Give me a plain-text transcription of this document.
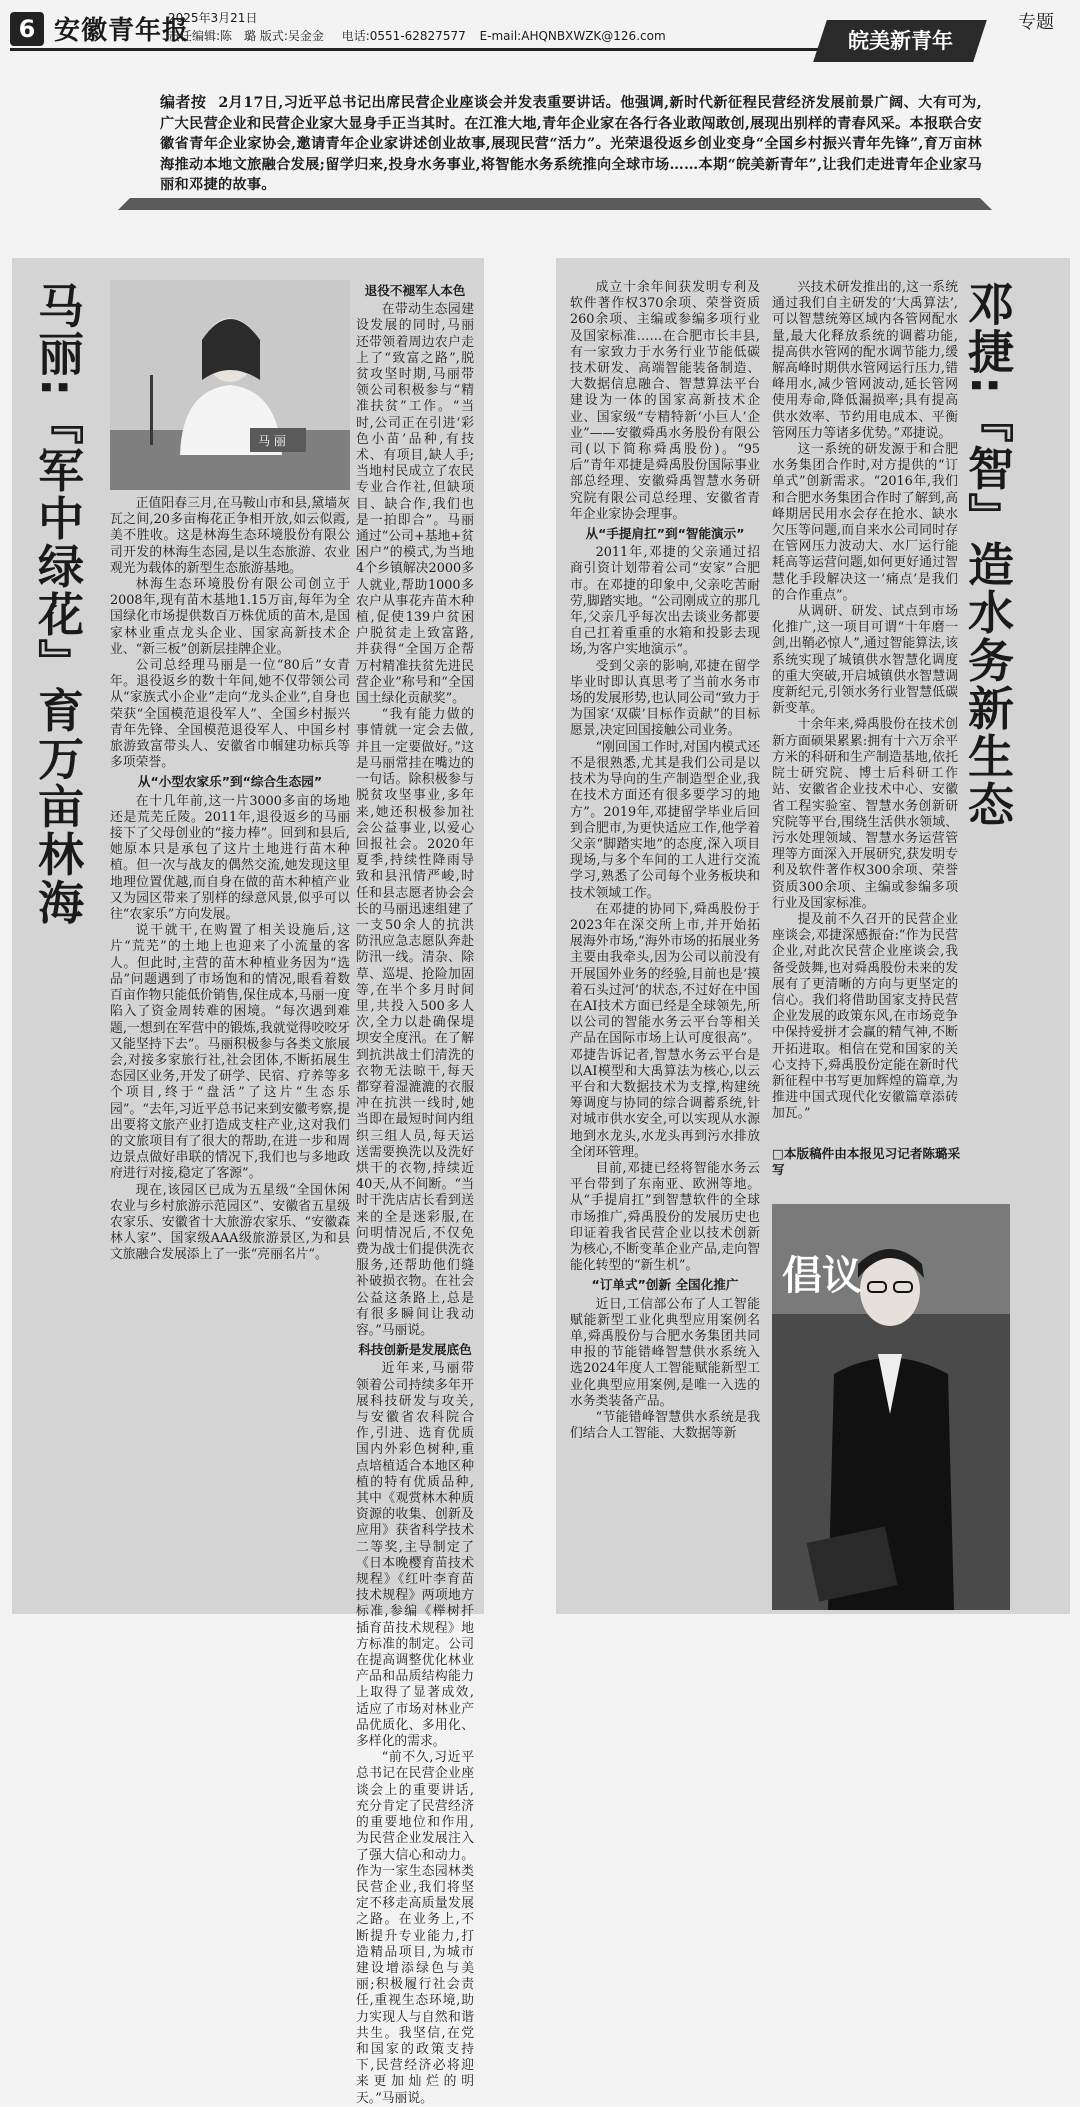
6 安徽青年报
2025年3月21日
责任编辑:陈　璐 版式:吴金金 电话:0551-62827577 E-mail:AHQNBXWZK@126.com
专题
皖美新青年
编者按 2月17日,习近平总书记出席民营企业座谈会并发表重要讲话。他强调,新时代新征程民营经济发展前景广阔、大有可为,广大民营企业和民营企业家大显身手正当其时。在江淮大地,青年企业家在各行各业敢闯敢创,展现出别样的青春风采。本报联合安徽省青年企业家协会,邀请青年企业家讲述创业故事,展现民营“活力”。光荣退役返乡创业变身“全国乡村振兴青年先锋”,育万亩林海推动本地文旅融合发展;留学归来,投身水务事业,将智能水务系统推向全球市场……本期“皖美新青年”,让我们走进青年企业家马丽和邓捷的故事。
马丽:『军中绿花』育万亩林海	马 丽

正值阳春三月,在马鞍山市和县,黛墙灰瓦之间,20多亩梅花正争相开放,如云似霞,美不胜收。这是林海生态环境股份有限公司开发的林海生态园,是以生态旅游、农业观光为载体的新型生态旅游基地。

林海生态环境股份有限公司创立于2008年,现有苗木基地1.15万亩,每年为全国绿化市场提供数百万株优质的苗木,是国家林业重点龙头企业、国家高新技术企业、“新三板”创新层挂牌企业。

公司总经理马丽是一位“80后”女青年。退役返乡的数十年间,她不仅带领公司从“家族式小企业”走向“龙头企业”,自身也荣获“全国模范退役军人”、全国乡村振兴青年先锋、全国模范退役军人、中国乡村旅游致富带头人、安徽省巾帼建功标兵等多项荣誉。

从“小型农家乐”到“综合生态园”

在十几年前,这一片3000多亩的场地还是荒芜丘陵。2011年,退役返乡的马丽接下了父母创业的“接力棒”。回到和县后,她原本只是承包了这片土地进行苗木种植。但一次与战友的偶然交流,她发现这里地理位置优越,而自身在做的苗木种植产业又为园区带来了别样的绿意风景,似乎可以往“农家乐”方向发展。

说干就干,在购置了相关设施后,这片“荒芜”的土地上也迎来了小流量的客人。但此时,主营的苗木种植业务因为“选品”问题遇到了市场饱和的情况,眼看着数百亩作物只能低价销售,保住成本,马丽一度陷入了资金周转难的困境。“每次遇到难题,一想到在军营中的锻炼,我就觉得咬咬牙又能坚持下去”。马丽积极参与各类文旅展会,对接多家旅行社,社会团体,不断拓展生态园区业务,开发了研学、民宿、疗养等多个项目,终于“盘活”了这片“生态乐园”。“去年,习近平总书记来到安徽考察,提出要将文旅产业打造成支柱产业,这对我们的文旅项目有了很大的帮助,在进一步和周边景点做好串联的情况下,我们也与多地政府进行对接,稳定了客源”。

现在,该园区已成为五星级“全国休闲农业与乡村旅游示范园区”、安徽省五星级农家乐、安徽省十大旅游农家乐、“安徽森林人家”、国家级AAA级旅游景区,为和县文旅融合发展添上了一张“亮丽名片”。

退役不褪军人本色

在带动生态园建设发展的同时,马丽还带领着周边农户走上了“致富之路”,脱贫攻坚时期,马丽带领公司积极参与“精准扶贫”工作。“当时,公司正在引进‘彩色小苗’品种,有技术、有项目,缺人手;当地村民成立了农民专业合作社,但缺项目、缺合作,我们也是一拍即合”。马丽通过“公司+基地+贫困户”的模式,为当地4个乡镇解决2000多人就业,帮助1000多农户从事花卉苗木种植,促使139户贫困户脱贫走上致富路,并获得“全国万企帮万村精准扶贫先进民营企业”称号和“全国国土绿化贡献奖”。

“我有能力做的事情就一定会去做,并且一定要做好。”这是马丽常挂在嘴边的一句话。除积极参与脱贫攻坚事业,多年来,她还积极参加社会公益事业,以爱心回报社会。2020年夏季,持续性降雨导致和县汛情严峻,时任和县志愿者协会会长的马丽迅速组建了一支50余人的抗洪防汛应急志愿队奔赴防汛一线。清杂、除草、巡堤、抢险加固等,在半个多月时间里,共投入500多人次,全力以赴确保堤坝安全度汛。在了解到抗洪战士们清洗的衣物无法晾干,每天都穿着湿漉漉的衣服冲在抗洪一线时,她当即在最短时间内组织三组人员,每天运送需要换洗以及洗好烘干的衣物,持续近40天,从不间断。“当时干洗店店长看到送来的全是迷彩服,在问明情况后,不仅免费为战士们提供洗衣服务,还帮助他们缝补破损衣物。在社会公益这条路上,总是有很多瞬间让我动容。”马丽说。

科技创新是发展底色

近年来,马丽带领着公司持续多年开展科技研发与攻关,与安徽省农科院合作,引进、选育优质国内外彩色树种,重点培植适合本地区种植的特有优质品种,其中《观赏林木种质资源的收集、创新及应用》获省科学技术二等奖,主导制定了《日本晚樱育苗技术规程》《红叶李育苗技术规程》两项地方标准,参编《榉树扦插育苗技术规程》地方标准的制定。公司在提高调整优化林业产品和品质结构能力上取得了显著成效,适应了市场对林业产品优质化、多用化、多样化的需求。

“前不久,习近平总书记在民营企业座谈会上的重要讲话,充分肯定了民营经济的重要地位和作用,为民营企业发展注入了强大信心和动力。作为一家生态园林类民营企业,我们将坚定不移走高质量发展之路。在业务上,不断提升专业能力,打造精品项目,为城市建设增添绿色与美丽;积极履行社会责任,重视生态环境,助力实现人与自然和谐共生。我坚信,在党和国家的政策支持下,民营经济必将迎来更加灿烂的明天。”马丽说。

邓捷:『智』造水务新生态

成立十余年间获发明专利及软件著作权370余项、荣誉资质260余项、主编或参编多项行业及国家标准……在合肥市长丰县,有一家致力于水务行业节能低碳技术研发、高端智能装备制造、大数据信息融合、智慧算法平台建设为一体的国家高新技术企业、国家级“专精特新‘小巨人’企业”——安徽舜禹水务股份有限公司(以下简称舜禹股份)。“95后”青年邓捷是舜禹股份国际事业部总经理、安徽舜禹智慧水务研究院有限公司总经理、安徽省青年企业家协会理事。

从“手提肩扛”到“智能演示”

2011年,邓捷的父亲通过招商引资计划带着公司“安家”合肥市。在邓捷的印象中,父亲吃苦耐劳,脚踏实地。“公司刚成立的那几年,父亲几乎每次出去谈业务都要自己扛着重重的水箱和投影去现场,为客户实地演示”。

受到父亲的影响,邓捷在留学毕业时即认真思考了当前水务市场的发展形势,也认同公司“致力于为国家‘双碳’目标作贡献”的目标愿景,决定回国接触公司业务。

“刚回国工作时,对国内模式还不是很熟悉,尤其是我们公司是以技术为导向的生产制造型企业,我在技术方面还有很多要学习的地方”。2019年,邓捷留学毕业后回到合肥市,为更快适应工作,他学着父亲“脚踏实地”的态度,深入项目现场,与多个车间的工人进行交流学习,熟悉了公司每个业务板块和技术领域工作。

在邓捷的协同下,舜禹股份于2023年在深交所上市,并开始拓展海外市场,“海外市场的拓展业务主要由我牵头,因为公司以前没有开展国外业务的经验,目前也是‘摸着石头过河’的状态,不过好在中国在AI技术方面已经是全球领先,所以公司的智能水务云平台等相关产品在国际市场上认可度很高”。邓捷告诉记者,智慧水务云平台是以AI模型和大禹算法为核心,以云平台和大数据技术为支撑,构建统筹调度与协同的综合调蓄系统,针对城市供水安全,可以实现从水源地到水龙头,水龙头再到污水排放全闭环管理。

目前,邓捷已经将智能水务云平台带到了东南亚、欧洲等地。从“手提肩扛”到智慧软件的全球市场推广,舜禹股份的发展历史也印证着我省民营企业以技术创新为核心,不断变革企业产品,走向智能化转型的“新生机”。

“订单式”创新 全国化推广

近日,工信部公布了人工智能赋能新型工业化典型应用案例名单,舜禹股份与合肥水务集团共同申报的节能错峰智慧供水系统入选2024年度人工智能赋能新型工业化典型应用案例,是唯一入选的水务类装备产品。

“节能错峰智慧供水系统是我们结合人工智能、大数据等新

兴技术研发推出的,这一系统通过我们自主研发的‘大禹算法’,可以智慧统筹区域内各管网配水量,最大化释放系统的调蓄功能,提高供水管网的配水调节能力,缓解高峰时期供水管网运行压力,错峰用水,减少管网波动,延长管网使用寿命,降低漏损率;具有提高供水效率、节约用电成本、平衡管网压力等诸多优势。”邓捷说。

这一系统的研发源于和合肥水务集团合作时,对方提供的“订单式”创新需求。“2016年,我们和合肥水务集团合作时了解到,高峰期居民用水会存在抢水、缺水欠压等问题,而自来水公司同时存在管网压力波动大、水厂运行能耗高等运营问题,如何更好通过智慧化手段解决这一‘痛点’是我们的合作重点”。

从调研、研发、试点到市场化推广,这一项目可谓“十年磨一剑,出鞘必惊人”,通过智能算法,该系统实现了城镇供水智慧化调度的重大突破,开启城镇供水智慧调度新纪元,引领水务行业智慧低碳新变革。

十余年来,舜禹股份在技术创新方面硕果累累:拥有十六万余平方米的科研和生产制造基地,依托院士研究院、博士后科研工作站、安徽省企业技术中心、安徽省工程实验室、智慧水务创新研究院等平台,围绕生活供水领域、污水处理领域、智慧水务运营管理等方面深入开展研究,获发明专利及软件著作权300余项、荣誉资质300余项、主编或参编多项行业及国家标准。

提及前不久召开的民营企业座谈会,邓捷深感振奋:“作为民营企业,对此次民营企业座谈会,我备受鼓舞,也对舜禹股份未来的发展有了更清晰的方向与更坚定的信心。我们将借助国家支持民营企业发展的政策东风,在市场竞争中保持爱拼才会赢的精气神,不断开拓进取。相信在党和国家的关心支持下,舜禹股份定能在新时代新征程中书写更加辉煌的篇章,为推进中国式现代化安徽篇章添砖加瓦。”

□本版稿件由本报见习记者陈璐采写
倡议
